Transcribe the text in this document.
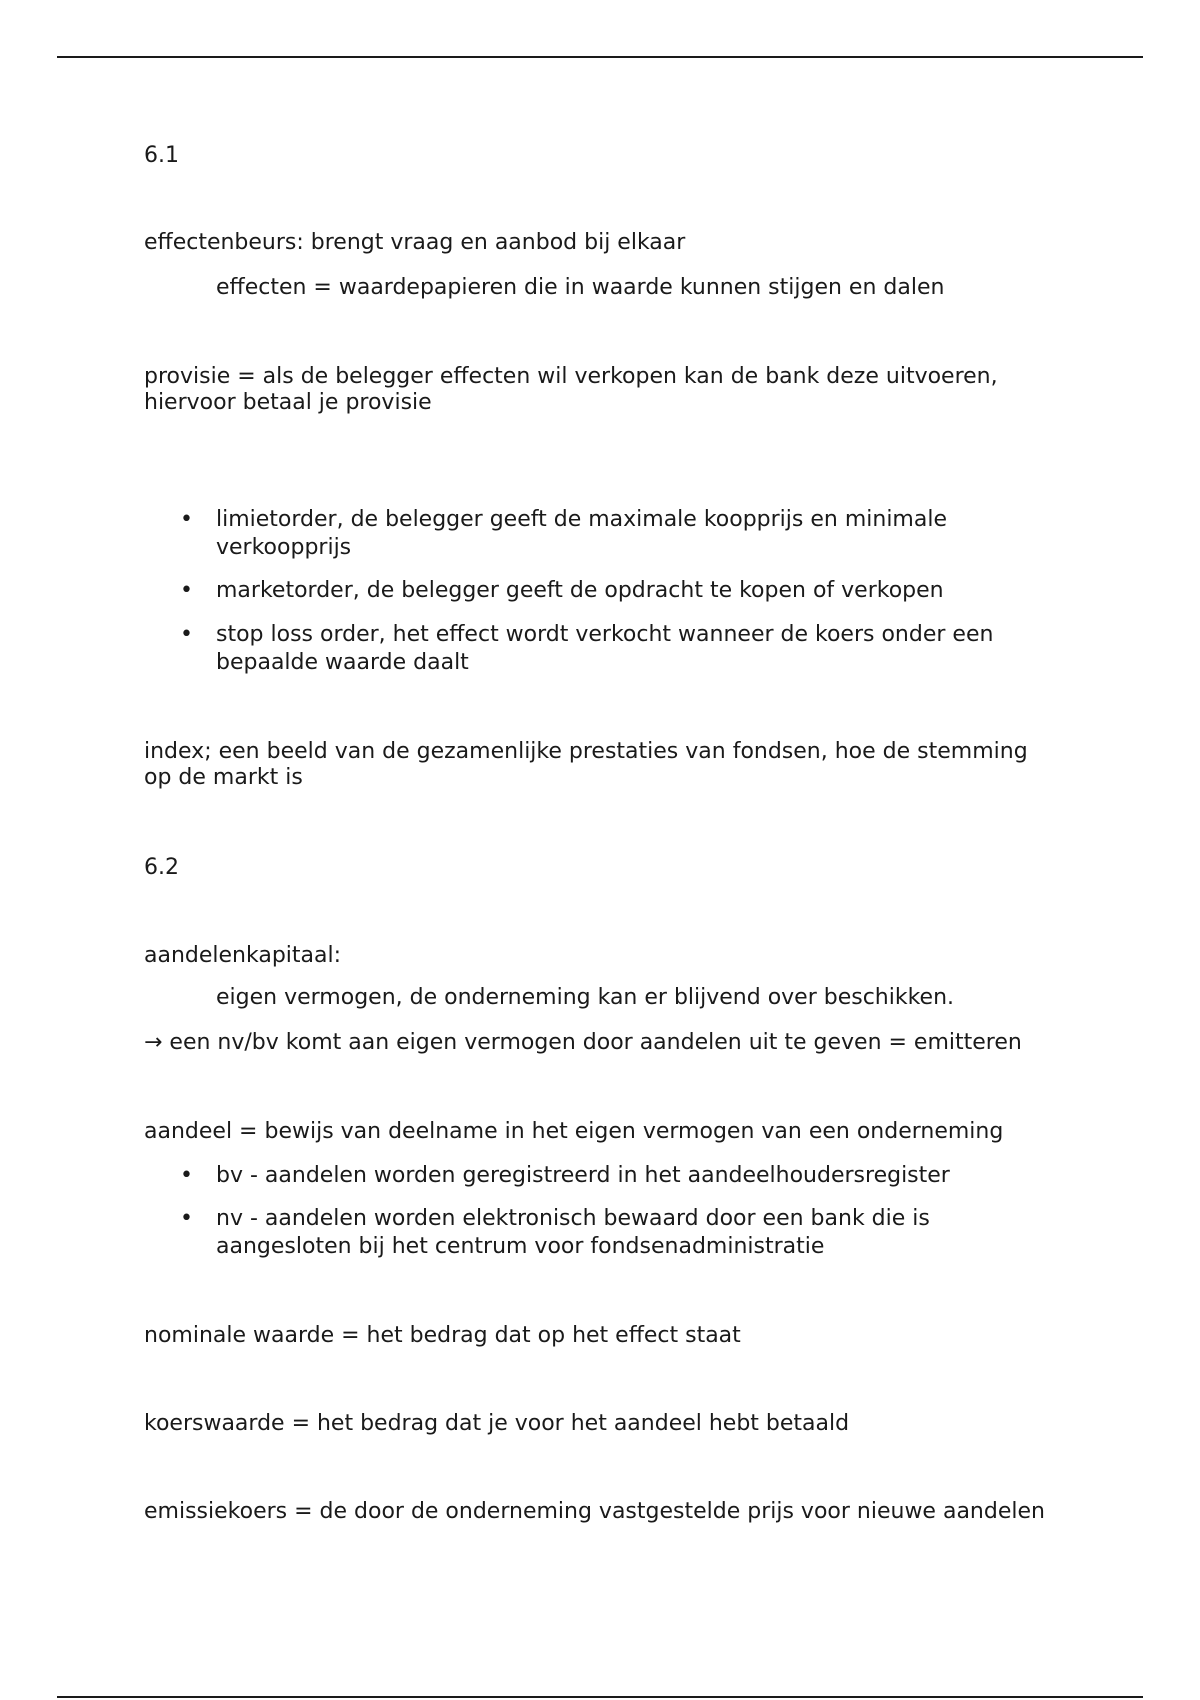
6.1

effectenbeurs: brengt vraag en aanbod bij elkaar

effecten = waardepapieren die in waarde kunnen stijgen en dalen

provisie = als de belegger effecten wil verkopen kan de bank deze uitvoeren,

hiervoor betaal je provisie

• limietorder, de belegger geeft de maximale koopprijs en minimale
verkoopprijs
• marketorder, de belegger geeft de opdracht te kopen of verkopen
• stop loss order, het effect wordt verkocht wanneer de koers onder een
bepaalde waarde daalt

index; een beeld van de gezamenlijke prestaties van fondsen, hoe de stemming

op de markt is

6.2

aandelenkapitaal:

eigen vermogen, de onderneming kan er blijvend over beschikken.

→ een nv/bv komt aan eigen vermogen door aandelen uit te geven = emitteren

aandeel = bewijs van deelname in het eigen vermogen van een onderneming

• bv - aandelen worden geregistreerd in het aandeelhoudersregister
• nv - aandelen worden elektronisch bewaard door een bank die is
aangesloten bij het centrum voor fondsenadministratie

nominale waarde = het bedrag dat op het effect staat

koerswaarde = het bedrag dat je voor het aandeel hebt betaald

emissiekoers = de door de onderneming vastgestelde prijs voor nieuwe aandelen
